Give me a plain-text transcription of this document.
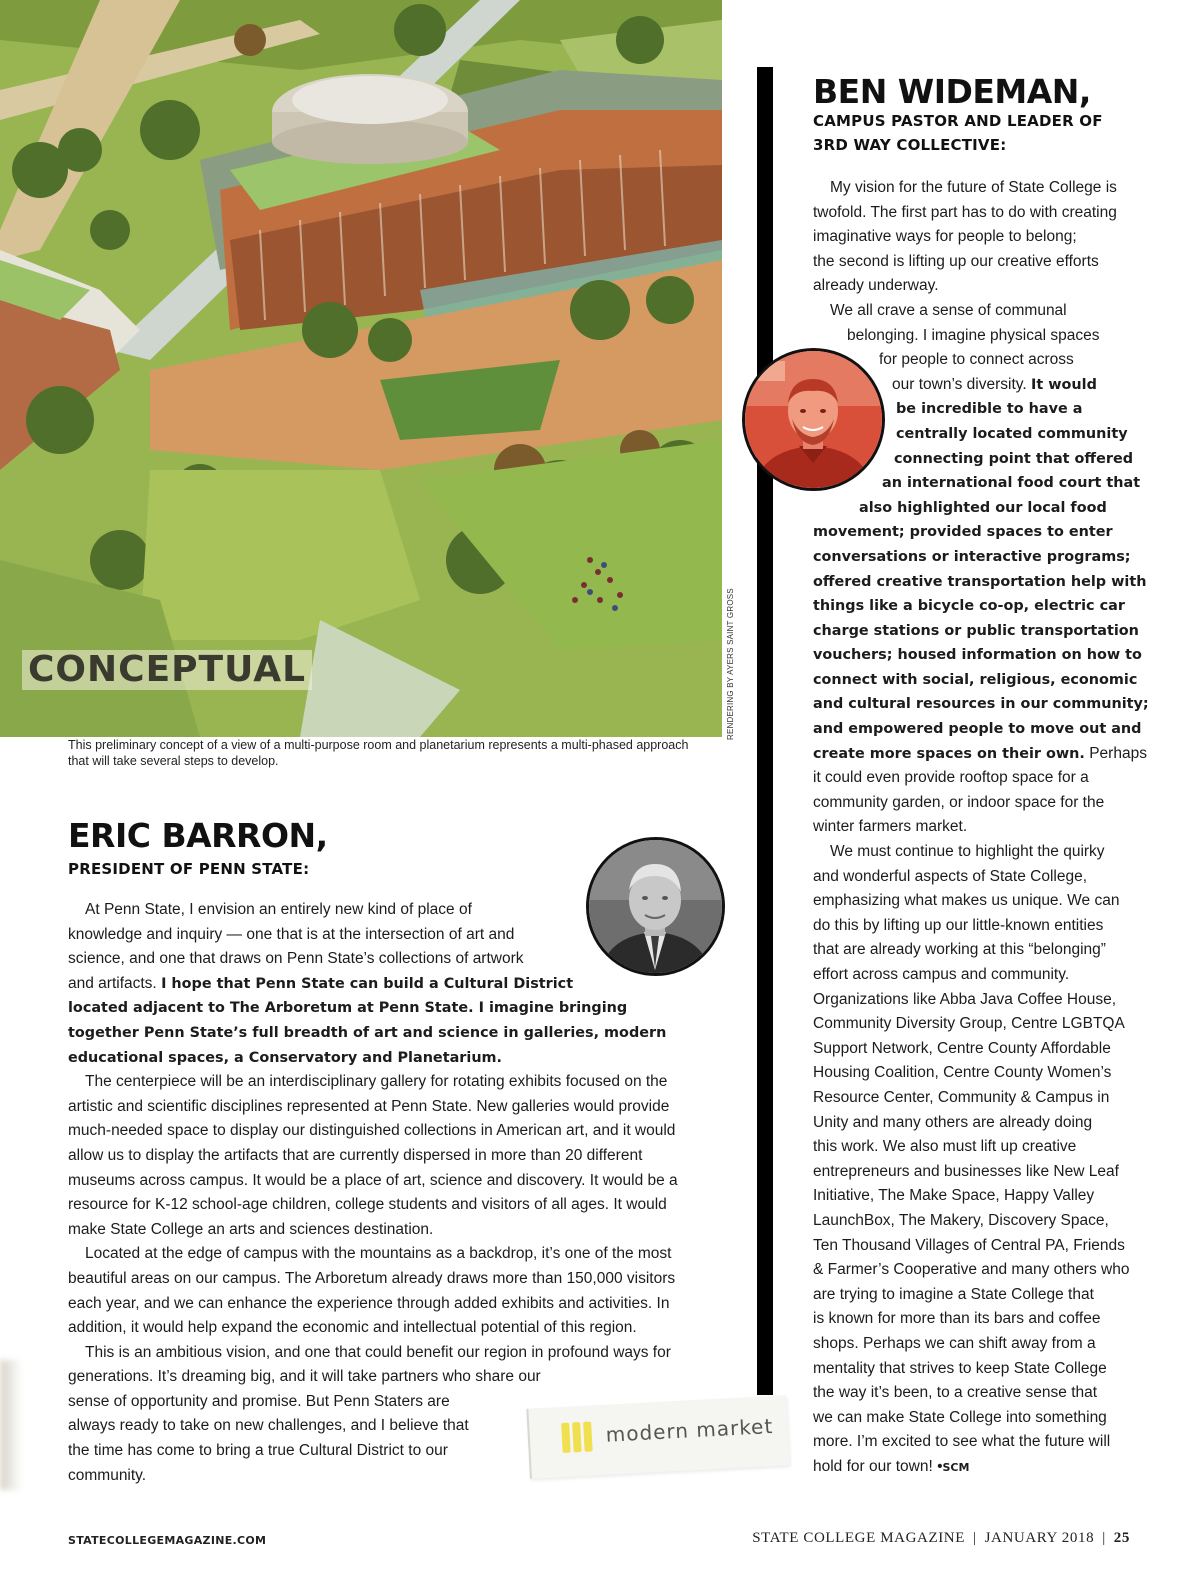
CONCEPTUAL	RENDERING BY AYERS SAINT GROSS

This preliminary concept of a view of a multi-purpose room and planetarium represents a multi-phased approach that will take several steps to develop.

ERIC BARRON,
PRESIDENT OF PENN STATE:
At Penn State, I envision an entirely new kind of place of
knowledge and inquiry — one that is at the intersection of art and
science, and one that draws on Penn State’s collections of artwork
and artifacts. I hope that Penn State can build a Cultural District
located adjacent to The Arboretum at Penn State. I imagine bringing
together Penn State’s full breadth of art and science in galleries, modern
educational spaces, a Conservatory and Planetarium.
The centerpiece will be an interdisciplinary gallery for rotating exhibits focused on the
artistic and scientific disciplines represented at Penn State. New galleries would provide
much-needed space to display our distinguished collections in American art, and it would
allow us to display the artifacts that are currently dispersed in more than 20 different
museums across campus. It would be a place of art, science and discovery. It would be a
resource for K-12 school-age children, college students and visitors of all ages. It would
make State College an arts and sciences destination.
Located at the edge of campus with the mountains as a backdrop, it’s one of the most
beautiful areas on our campus. The Arboretum already draws more than 150,000 visitors
each year, and we can enhance the experience through added exhibits and activities. In
addition, it would help expand the economic and intellectual potential of this region.
This is an ambitious vision, and one that could benefit our region in profound ways for
generations. It’s dreaming big, and it will take partners who share our
sense of opportunity and promise. But Penn Staters are
always ready to take on new challenges, and I believe that
the time has come to bring a true Cultural District to our
community.
modern market
BEN WIDEMAN,
CAMPUS PASTOR AND LEADER OF
3RD WAY COLLECTIVE:
My vision for the future of State College is
twofold. The first part has to do with creating
imaginative ways for people to belong;
the second is lifting up our creative efforts
already underway.
We all crave a sense of communal
belonging. I imagine physical spaces
for people to connect across
our town’s diversity. It would
be incredible to have a
centrally located community
connecting point that offered
an international food court that
also highlighted our local food
movement; provided spaces to enter
conversations or interactive programs;
offered creative transportation help with
things like a bicycle co-op, electric car
charge stations or public transportation
vouchers; housed information on how to
connect with social, religious, economic
and cultural resources in our community;
and empowered people to move out and
create more spaces on their own. Perhaps
it could even provide rooftop space for a
community garden, or indoor space for the
winter farmers market.
We must continue to highlight the quirky
and wonderful aspects of State College,
emphasizing what makes us unique. We can
do this by lifting up our little-known entities
that are already working at this “belonging”
effort across campus and community.
Organizations like Abba Java Coffee House,
Community Diversity Group, Centre LGBTQA
Support Network, Centre County Affordable
Housing Coalition, Centre County Women’s
Resource Center, Community & Campus in
Unity and many others are already doing
this work. We also must lift up creative
entrepreneurs and businesses like New Leaf
Initiative, The Make Space, Happy Valley
LaunchBox, The Makery, Discovery Space,
Ten Thousand Villages of Central PA, Friends
& Farmer’s Cooperative and many others who
are trying to imagine a State College that
is known for more than its bars and coffee
shops. Perhaps we can shift away from a
mentality that strives to keep State College
the way it’s been, to a creative sense that
we can make State College into something
more. I’m excited to see what the future will
hold for our town! •SCM
STATECOLLEGEMAGAZINE.COM	STATE COLLEGE MAGAZINE | JANUARY 2018 | 25
